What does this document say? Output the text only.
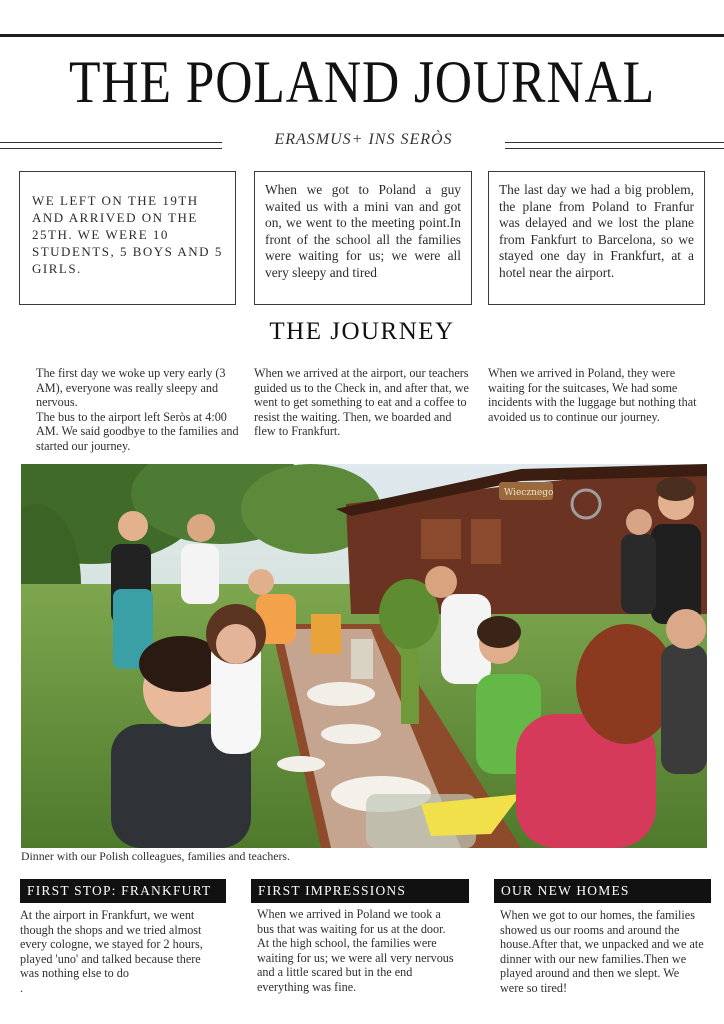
THE POLAND JOURNAL
ERASMUS+ INS SERÒS
WE LEFT ON THE 19TH AND ARRIVED ON THE 25TH. WE WERE 10 STUDENTS, 5 BOYS AND 5 GIRLS.
When we got to Poland a guy waited us with a mini van and got on, we went to the meeting point.In front of the school all the families were waiting for us; we were all very sleepy and tired
The last day we had a big problem, the plane from Poland to Franfur was delayed and we lost the plane from Fankfurt to Barcelona, so we stayed one day in Frankfurt, at a hotel near the airport.
THE JOURNEY

The first day we woke up very early (3 AM), everyone was really sleepy and nervous.

The bus to the airport left Seròs at 4:00 AM. We said goodbye to the families and started our journey.

When we arrived at the airport, our teachers guided us to the Check in, and after that, we went to get something to eat and a coffee to resist the waiting. Then, we boarded and flew to Frankfurt.

When we arrived in Poland, they were waiting for the suitcases, We had some incidents with the luggage but nothing that avoided us to continue our journey.

Wiecznego
Dinner with our Polish colleagues, families and teachers.
FIRST STOP: FRANKFURT

At the airport in Frankfurt, we went though the shops and we tried almost every cologne, we stayed for 2 hours, played 'uno' and talked because there was nothing else to do

.

FIRST IMPRESSIONS

When we arrived in Poland we took a bus that was waiting for us at the door. At the high school, the families were waiting for us; we were all very nervous and a little scared but in the end everything was fine.

OUR NEW HOMES

When we got to our homes, the families showed us our rooms and around the house.After that, we unpacked and we ate dinner with our new families.Then we played around and then we slept. We were so tired!
